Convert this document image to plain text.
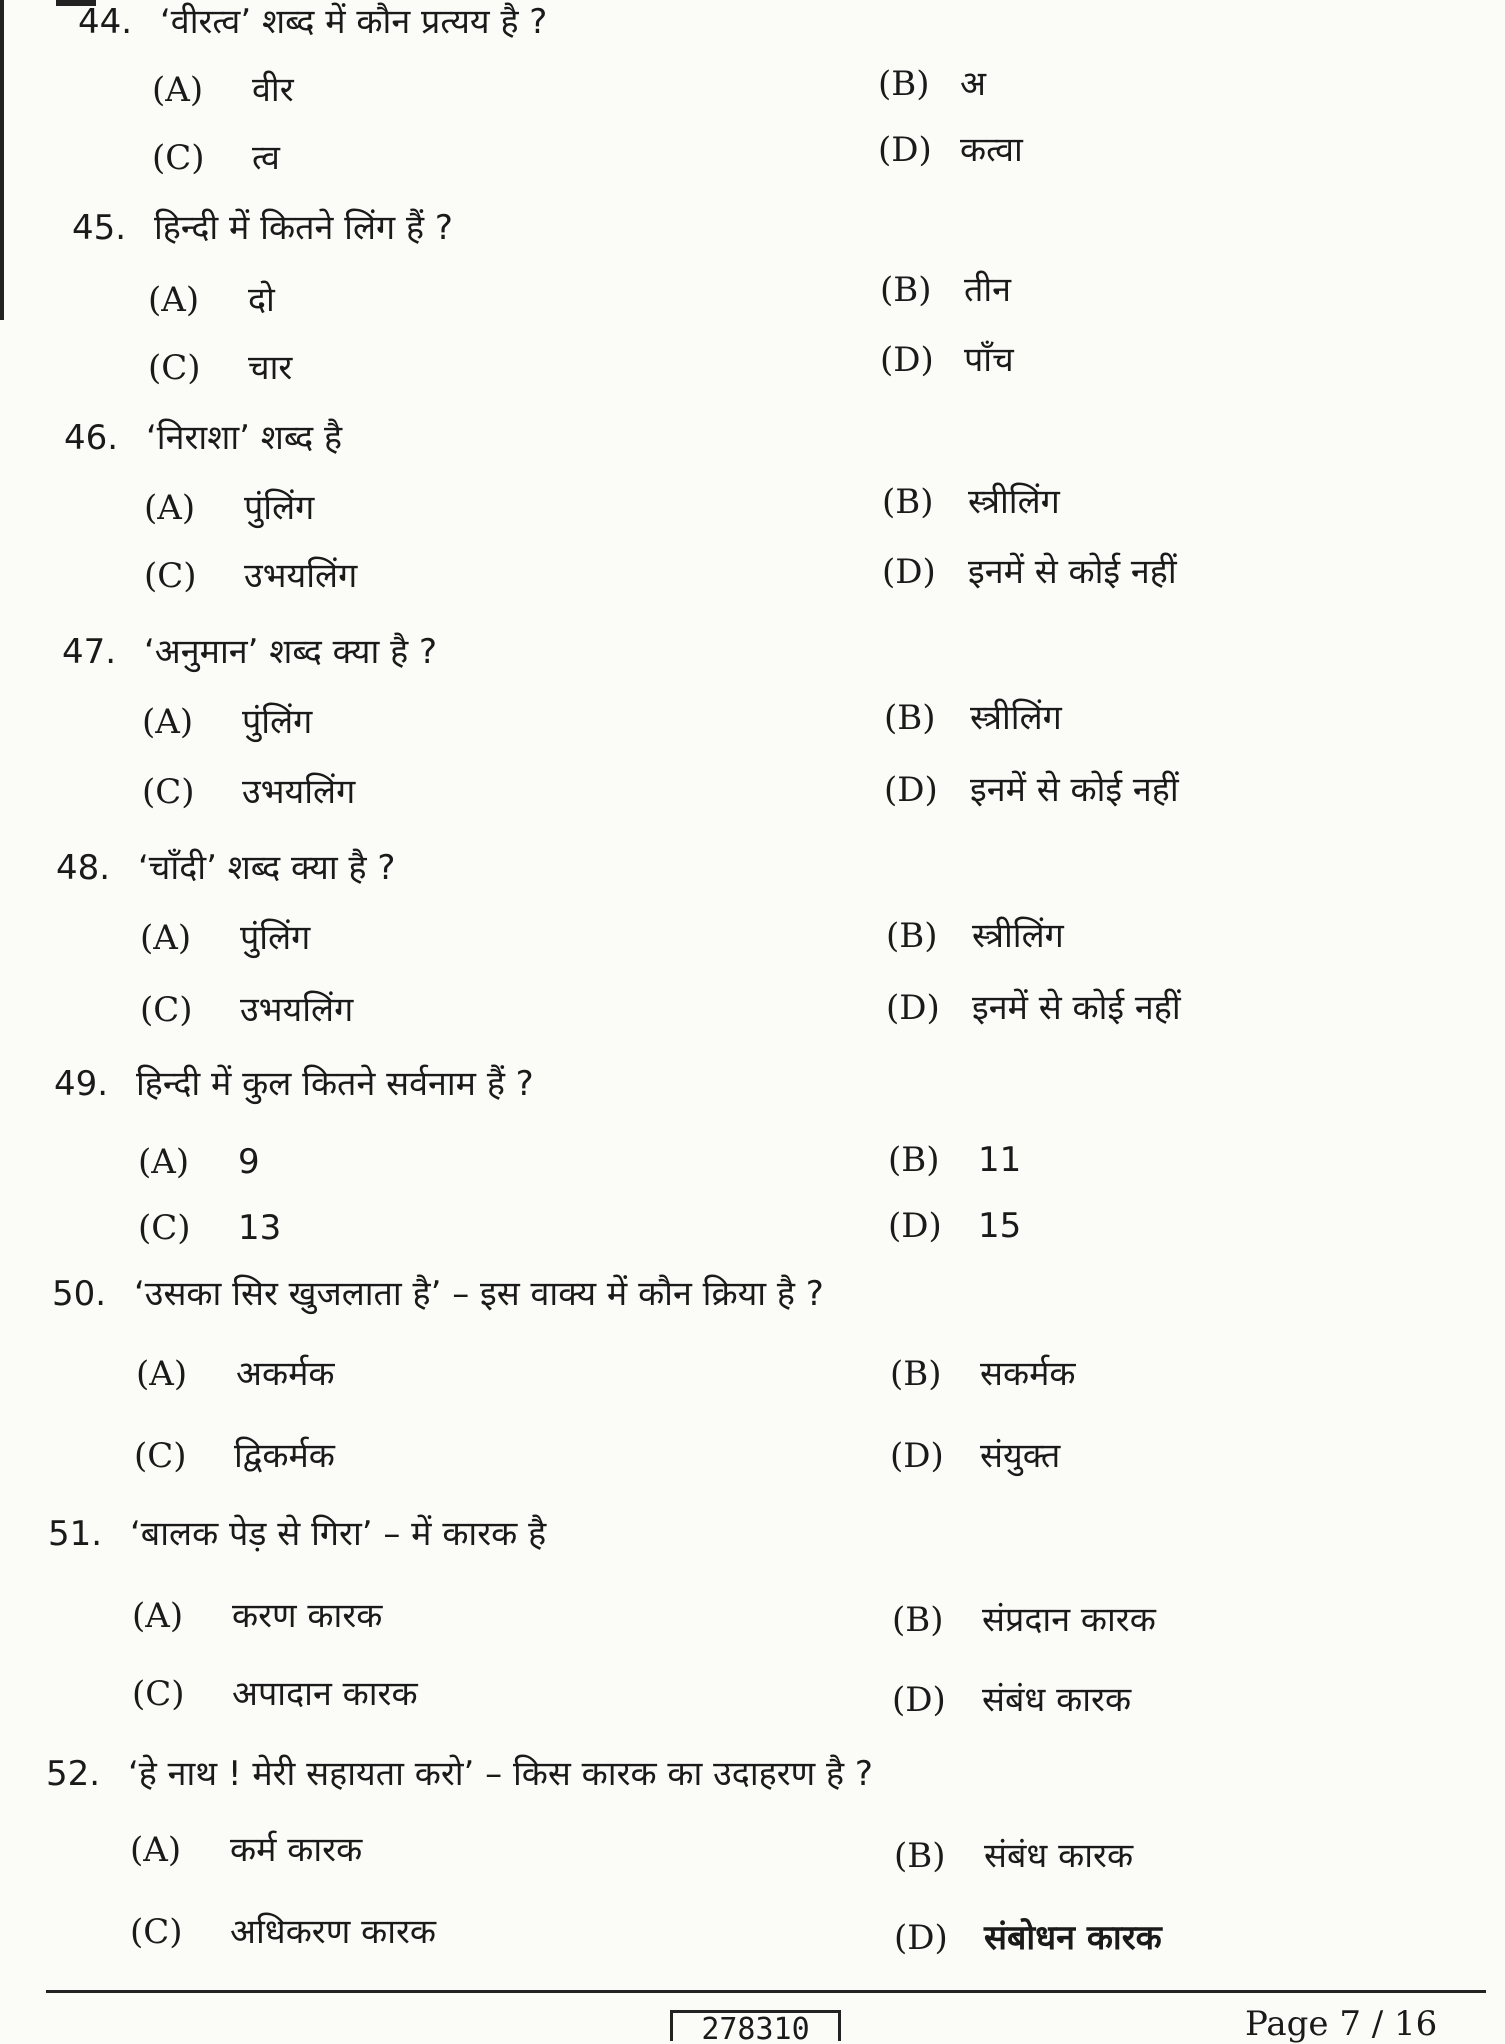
44. ‘वीरत्व’ शब्द में कौन प्रत्यय है ?
(A)	वीर	(B) अ
(C)	त्व	(D) कत्वा
45. हिन्दी में कितने लिंग हैं ?
(A)	दो	(B) तीन
(C)	चार	(D) पाँच
46. ‘निराशा’ शब्द है
(A)	पुंलिंग	(B)	स्त्रीलिंग
(C)	उभयलिंग	(D) इनमें से कोई नहीं
47. ‘अनुमान’ शब्द क्या है ?
(A)	पुंलिंग	(B)	स्त्रीलिंग
(C)	उभयलिंग	(D) इनमें से कोई नहीं
48. ‘चाँदी’ शब्द क्या है ?
(A)	पुंलिंग	(B)	स्त्रीलिंग
(C)	उभयलिंग	(D) इनमें से कोई नहीं
49. हिन्दी में कुल कितने सर्वनाम हैं ?
(A)	9	(B)	11
(C)	13	(D)	15
50. ‘उसका सिर खुजलाता है’ – इस वाक्य में कौन क्रिया है ?
(A)	अकर्मक	(B)	सकर्मक
(C)	द्विकर्मक	(D)	संयुक्त
51. ‘बालक पेड़ से गिरा’ – में कारक है
(A)	करण कारक	(B)	संप्रदान कारक
(C)	अपादान कारक	(D)	संबंध कारक
52. ‘हे नाथ ! मेरी सहायता करो’ – किस कारक का उदाहरण है ?
(A)	कर्म कारक	(B)	संबंध कारक
(C)	अधिकरण कारक	(D)	संबोधन कारक
278310	Page 7 / 16
